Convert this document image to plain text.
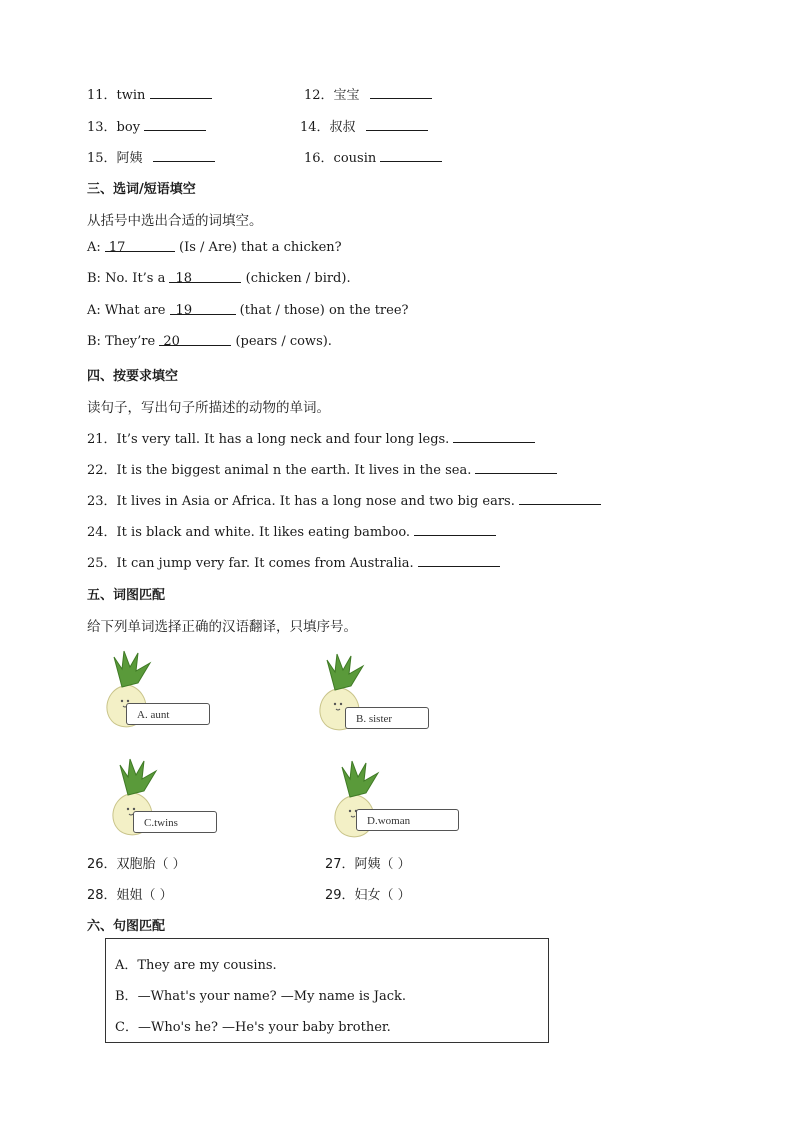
11．twin	12．宝宝
13．boy	14．叔叔
15．阿姨	16．cousin
三、选词/短语填空
从括号中选出合适的词填空。
A: 17	(Is / Are) that a chicken?
B: No. It’s a 18	(chicken / bird).
A: What are 19	(that / those) on the tree?
B: They’re 20	(pears / cows).
四、按要求填空
读句子，写出句子所描述的动物的单词。
21．It’s very tall. It has a long neck and four long legs.
22．It is the biggest animal n the earth. It lives in the sea.
23．It lives in Asia or Africa. It has a long nose and two big ears.
24．It is black and white. It likes eating bamboo.
25．It can jump very far. It comes from Australia.
五、词图匹配
给下列单词选择正确的汉语翻译，只填序号。
A. aunt	B. sister
C.twins	D.woman
26．双胞胎（ ）	27．阿姨（ ）
28．姐姐（ ）	29．妇女（ ）
六、句图匹配
A．They are my cousins.
B．—What's your name? —My name is Jack.
C．—Who's he? —He's your baby brother.
